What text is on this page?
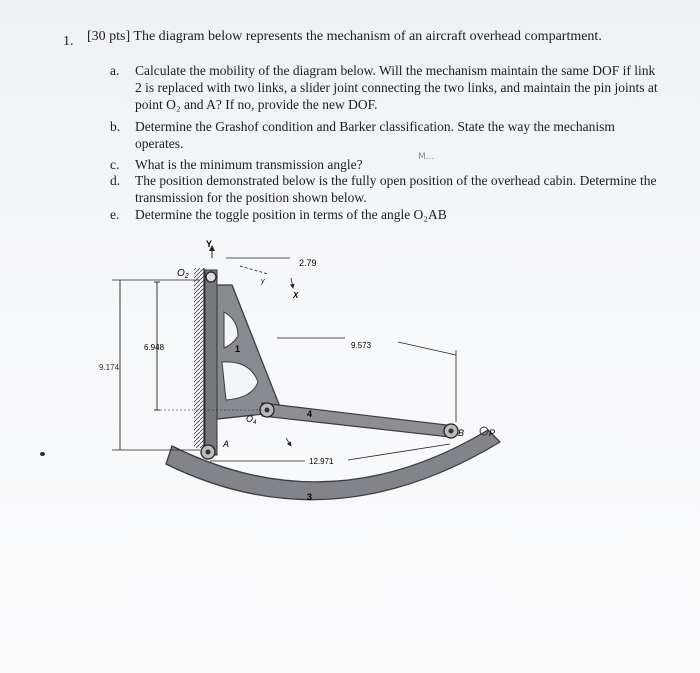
1. [30 pts] The diagram below represents the mechanism of an aircraft overhead compartment.
a.	Calculate the mobility of the diagram below. Will the mechanism maintain the same DOF if link 2 is replaced with two links, a slider joint connecting the two links, and maintain the pin joints at point O₂ and A? If no, provide the new DOF.
b.	Determine the Grashof condition and Barker classification. State the way the mechanism operates.
c.	What is the minimum transmission angle?
d.	The position demonstrated below is the fully open position of the overhead cabin. Determine the transmission for the position shown below.
e.	Determine the toggle position in terms of the angle O₂AB
M...
Y
y
X
2.79
$O_2$
1
3
4
$O_4$
A
B	P
6.948
9.174
9.573
12.971
